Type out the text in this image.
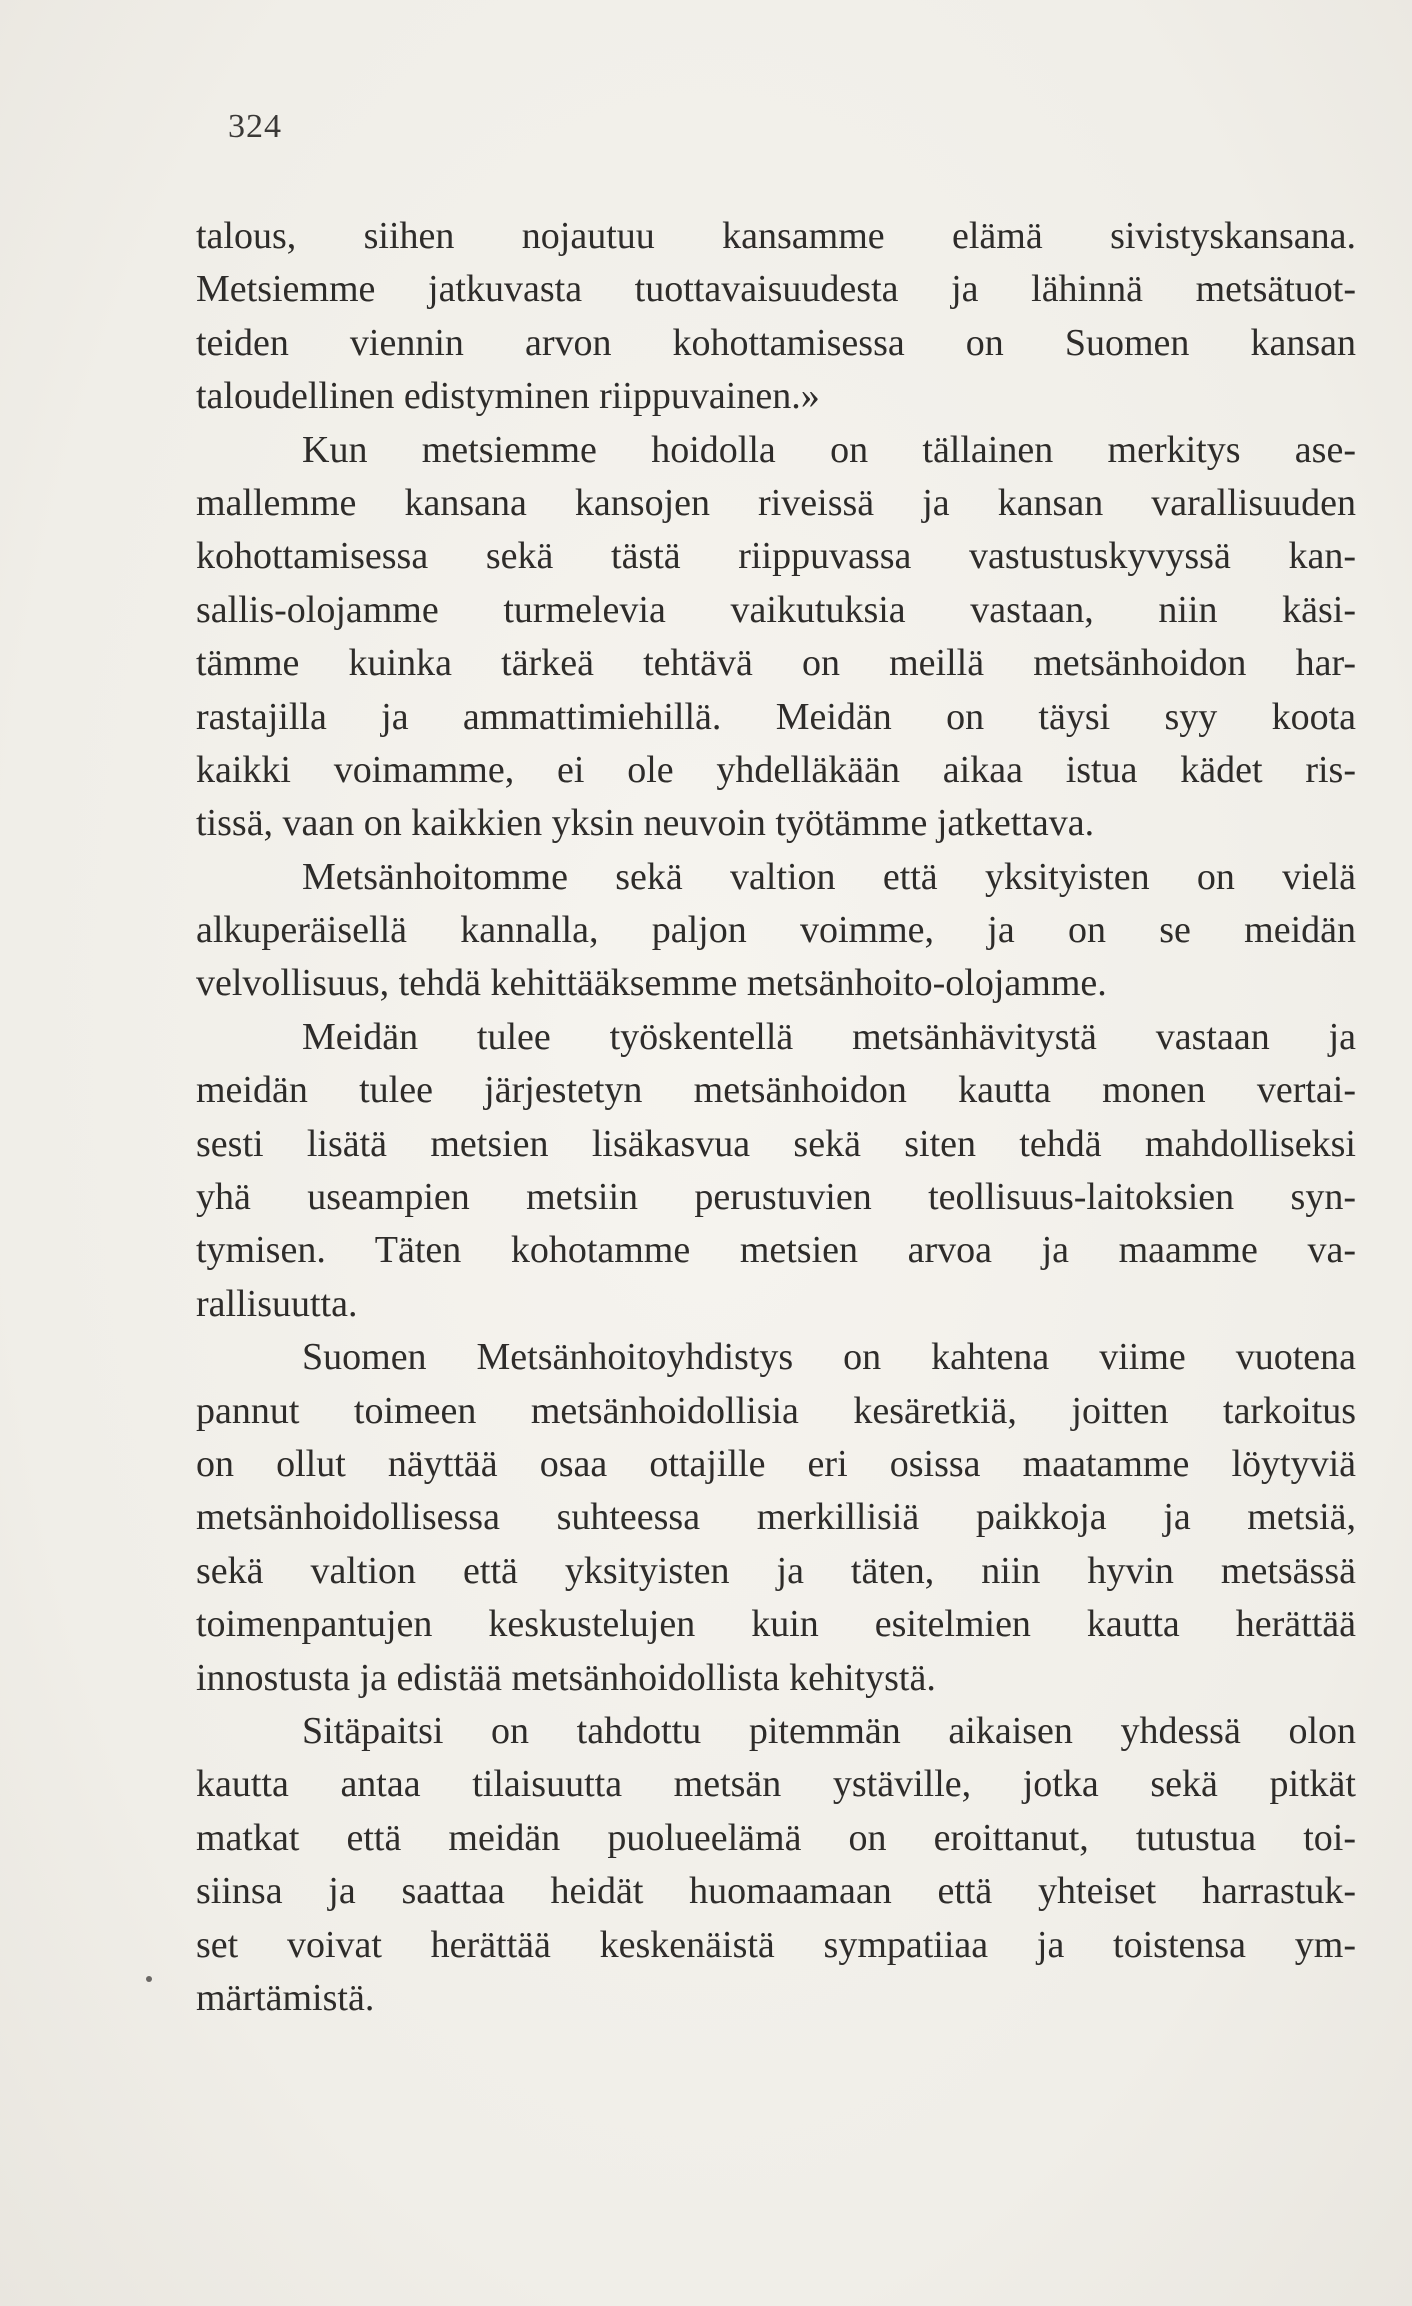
324
talous, siihen nojautuu kansamme elämä sivistyskansana.
Metsiemme jatkuvasta tuottavaisuudesta ja lähinnä metsätuot-
teiden viennin arvon kohottamisessa on Suomen kansan
taloudellinen edistyminen riippuvainen.»
Kun metsiemme hoidolla on tällainen merkitys ase-
mallemme kansana kansojen riveissä ja kansan varallisuuden
kohottamisessa sekä tästä riippuvassa vastustuskyvyssä kan-
sallis-olojamme turmelevia vaikutuksia vastaan, niin käsi-
tämme kuinka tärkeä tehtävä on meillä metsänhoidon har-
rastajilla ja ammattimiehillä. Meidän on täysi syy koota
kaikki voimamme, ei ole yhdelläkään aikaa istua kädet ris-
tissä, vaan on kaikkien yksin neuvoin työtämme jatkettava.
Metsänhoitomme sekä valtion että yksityisten on vielä
alkuperäisellä kannalla, paljon voimme, ja on se meidän
velvollisuus, tehdä kehittääksemme metsänhoito-olojamme.
Meidän tulee työskentellä metsänhävitystä vastaan ja
meidän tulee järjestetyn metsänhoidon kautta monen vertai-
sesti lisätä metsien lisäkasvua sekä siten tehdä mahdolliseksi
yhä useampien metsiin perustuvien teollisuus-laitoksien syn-
tymisen. Täten kohotamme metsien arvoa ja maamme va-
rallisuutta.
Suomen Metsänhoitoyhdistys on kahtena viime vuotena
pannut toimeen metsänhoidollisia kesäretkiä, joitten tarkoitus
on ollut näyttää osaa ottajille eri osissa maatamme löytyviä
metsänhoidollisessa suhteessa merkillisiä paikkoja ja metsiä,
sekä valtion että yksityisten ja täten, niin hyvin metsässä
toimenpantujen keskustelujen kuin esitelmien kautta herättää
innostusta ja edistää metsänhoidollista kehitystä.
Sitäpaitsi on tahdottu pitemmän aikaisen yhdessä olon
kautta antaa tilaisuutta metsän ystäville, jotka sekä pitkät
matkat että meidän puolueelämä on eroittanut, tutustua toi-
siinsa ja saattaa heidät huomaamaan että yhteiset harrastuk-
set voivat herättää keskenäistä sympatiiaa ja toistensa ym-
märtämistä.
